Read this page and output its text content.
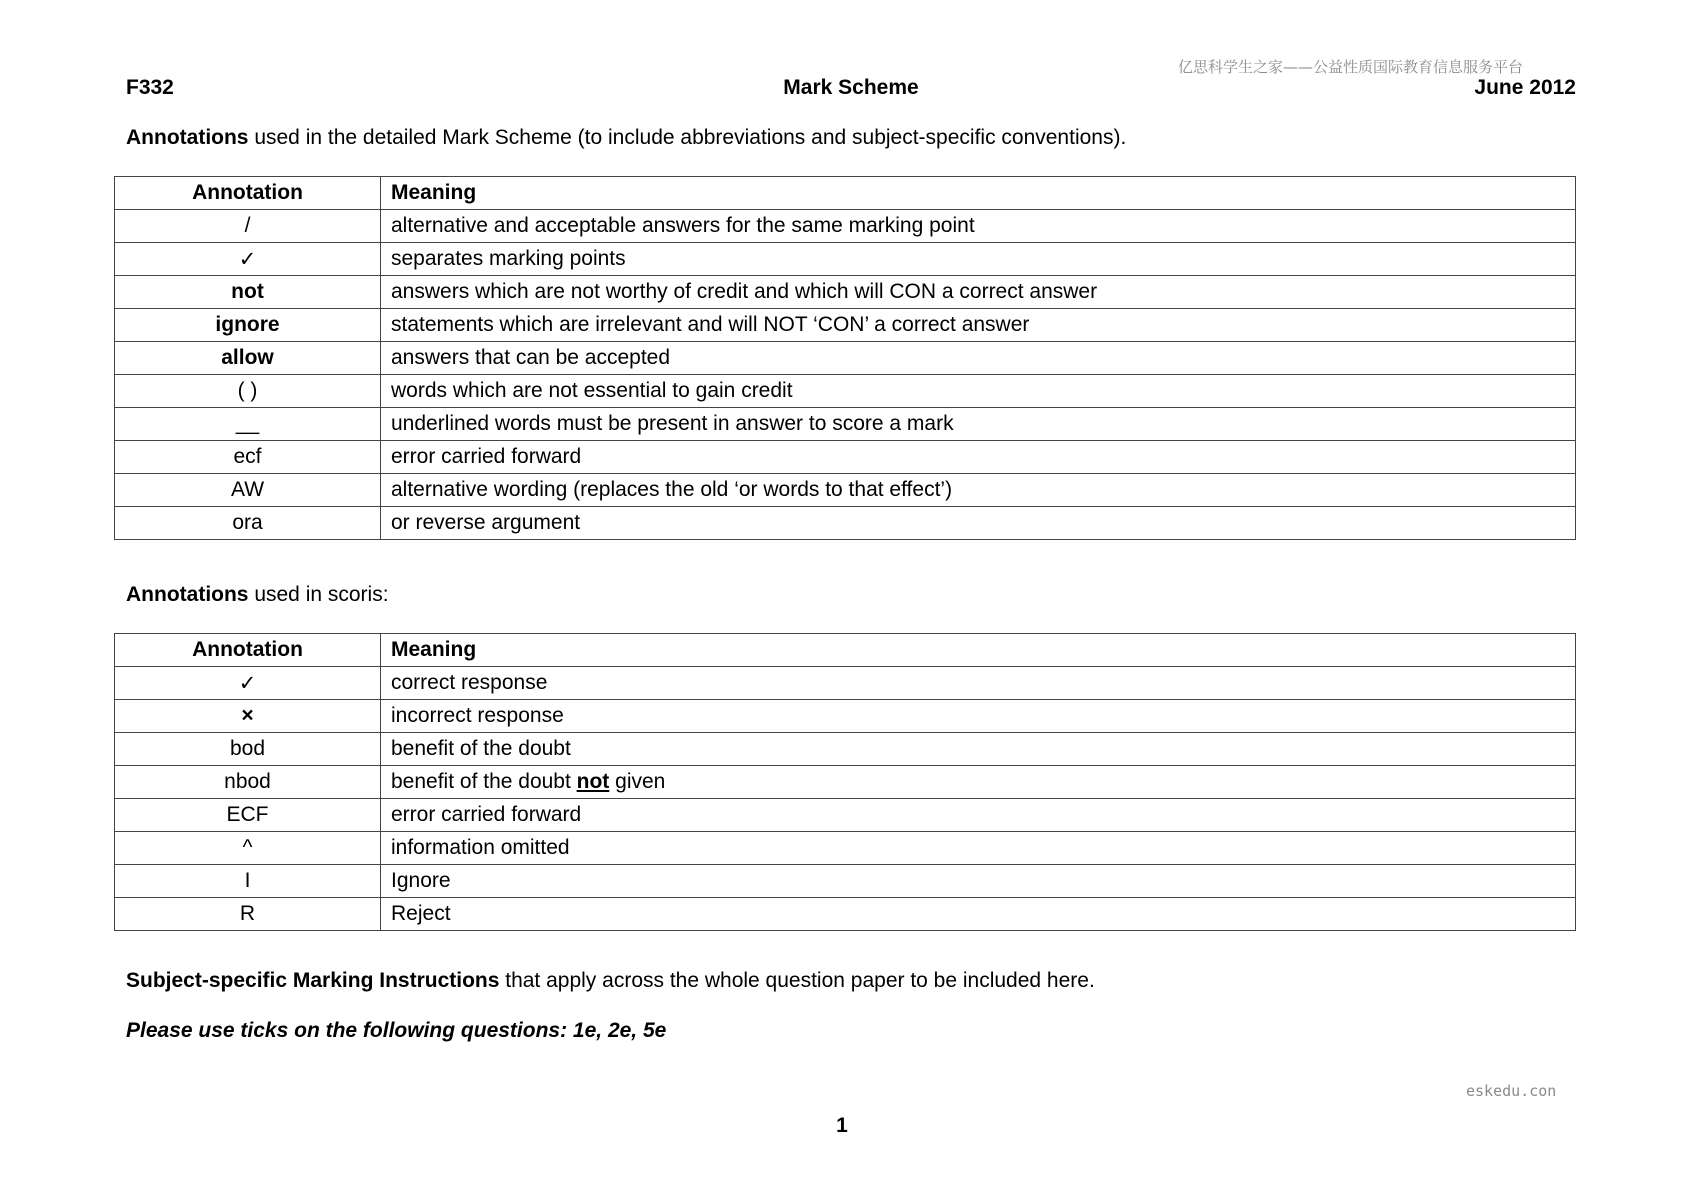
亿思科学生之家——公益性质国际教育信息服务平台
F332	Mark Scheme	June 2012
Annotations used in the detailed Mark Scheme (to include abbreviations and subject-specific conventions).
Annotation	Meaning
/	alternative and acceptable answers for the same marking point
✓	separates marking points
not	answers which are not worthy of credit and which will CON a correct answer
ignore	statements which are irrelevant and will NOT ‘CON’ a correct answer
allow	answers that can be accepted
( )	words which are not essential to gain credit
__	underlined words must be present in answer to score a mark
ecf	error carried forward
AW	alternative wording (replaces the old ‘or words to that effect’)
ora	or reverse argument
Annotations used in scoris:
Annotation	Meaning
✓	correct response
×	incorrect response
bod	benefit of the doubt
nbod	benefit of the doubt not given
ECF	error carried forward
^	information omitted
I	Ignore
R	Reject
Subject-specific Marking Instructions that apply across the whole question paper to be included here.
Please use ticks on the following questions: 1e, 2e, 5e
eskedu.con
1
